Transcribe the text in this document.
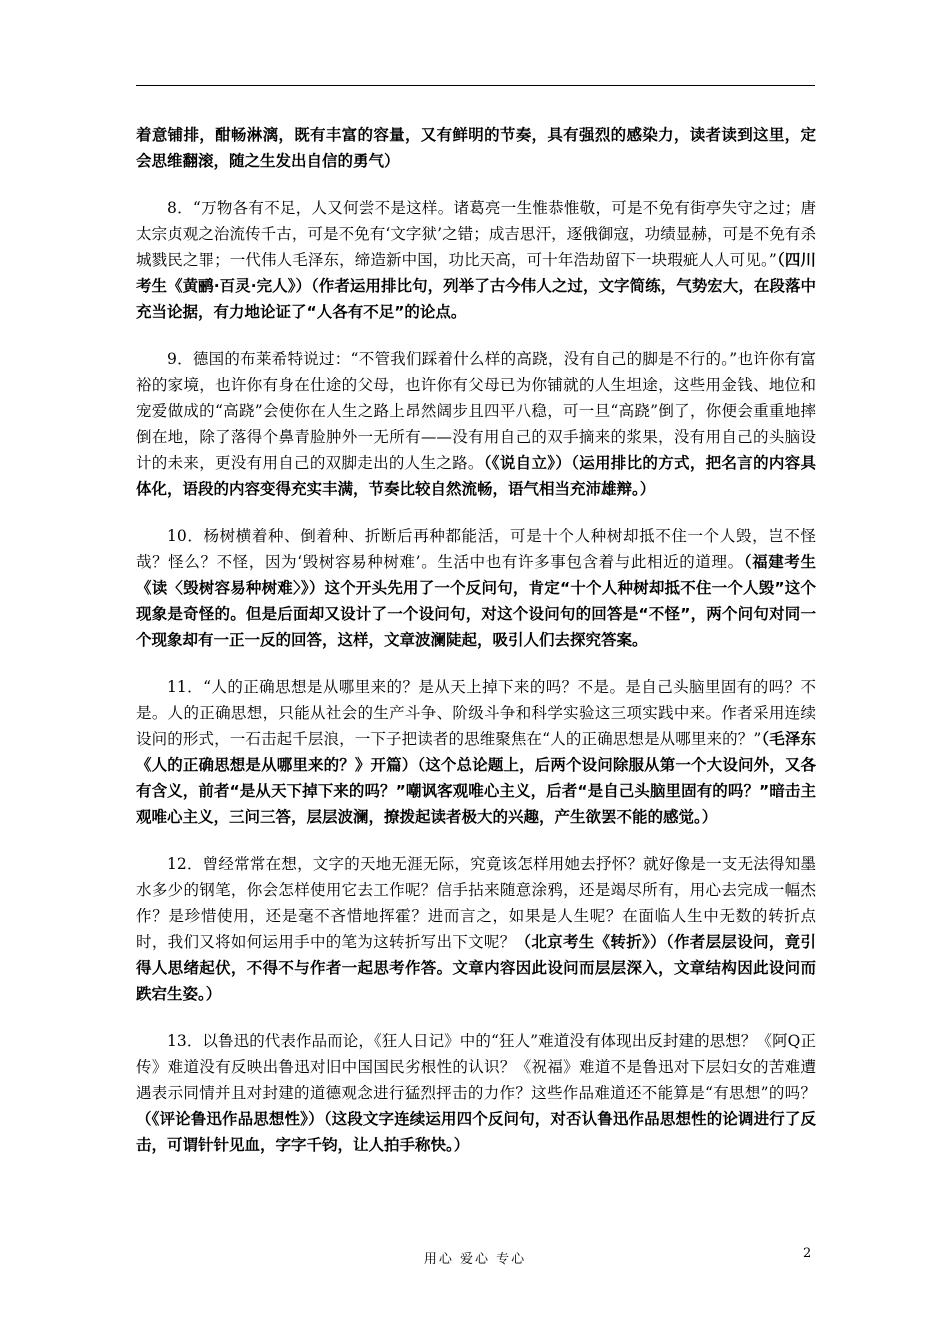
着意铺排，酣畅淋漓，既有丰富的容量，又有鲜明的节奏，具有强烈的感染力，读者读到这里，定会思维翻滚，随之生发出自信的勇气）

8．“万物各有不足，人又何尝不是这样。诸葛亮一生惟恭惟敬，可是不免有街亭失守之过；唐太宗贞观之治流传千古，可是不免有‘文字狱’之错；成吉思汗，逐俄御寇，功绩显赫，可是不免有杀城戮民之罪；一代伟人毛泽东，缔造新中国，功比天高，可十年浩劫留下一块瑕疵人人可见。”（四川考生《黄鹂·百灵·完人》）（作者运用排比句，列举了古今伟人之过，文字简练，气势宏大，在段落中充当论据，有力地论证了“人各有不足”的论点。

9．德国的布莱希特说过：“不管我们踩着什么样的高跷，没有自己的脚是不行的。”也许你有富裕的家境，也许你有身在仕途的父母，也许你有父母已为你铺就的人生坦途，这些用金钱、地位和宠爱做成的“高跷”会使你在人生之路上昂然阔步且四平八稳，可一旦“高跷”倒了，你便会重重地摔倒在地，除了落得个鼻青脸肿外一无所有——没有用自己的双手摘来的浆果，没有用自己的头脑设计的未来，更没有用自己的双脚走出的人生之路。（《说自立》）（运用排比的方式，把名言的内容具体化，语段的内容变得充实丰满，节奏比较自然流畅，语气相当充沛雄辩。）

10．杨树横着种、倒着种、折断后再种都能活，可是十个人种树却抵不住一个人毁，岂不怪哉？怪么？不怪，因为‘毁树容易种树难’。生活中也有许多事包含着与此相近的道理。（福建考生《读〈毁树容易种树难〉》）这个开头先用了一个反问句，肯定“十个人种树却抵不住一个人毁”这个现象是奇怪的。但是后面却又设计了一个设问句，对这个设问句的回答是“不怪”，两个问句对同一个现象却有一正一反的回答，这样，文章波澜陡起，吸引人们去探究答案。

11．“人的正确思想是从哪里来的？是从天上掉下来的吗？不是。是自己头脑里固有的吗？不是。人的正确思想，只能从社会的生产斗争、阶级斗争和科学实验这三项实践中来。作者采用连续设问的形式，一石击起千层浪，一下子把读者的思维聚焦在“人的正确思想是从哪里来的？”（毛泽东《人的正确思想是从哪里来的？》开篇）（这个总论题上，后两个设问除服从第一个大设问外，又各有含义，前者“是从天下掉下来的吗？”嘲讽客观唯心主义，后者“是自己头脑里固有的吗？”暗击主观唯心主义，三问三答，层层波澜，撩拨起读者极大的兴趣，产生欲罢不能的感觉。）

12．曾经常常在想，文字的天地无涯无际，究竟该怎样用她去抒怀？就好像是一支无法得知墨水多少的钢笔，你会怎样使用它去工作呢？信手拈来随意涂鸦，还是竭尽所有，用心去完成一幅杰作？是珍惜使用，还是毫不吝惜地挥霍？进而言之，如果是人生呢？在面临人生中无数的转折点时，我们又将如何运用手中的笔为这转折写出下文呢？（北京考生《转折》）（作者层层设问，竟引得人思绪起伏，不得不与作者一起思考作答。文章内容因此设问而层层深入，文章结构因此设问而跌宕生姿。）

13．以鲁迅的代表作品而论，《狂人日记》中的“狂人”难道没有体现出反封建的思想？《阿Q正传》难道没有反映出鲁迅对旧中国国民劣根性的认识？《祝福》难道不是鲁迅对下层妇女的苦难遭遇表示同情并且对封建的道德观念进行猛烈抨击的力作？这些作品难道还不能算是“有思想”的吗？（《评论鲁迅作品思想性》）（这段文字连续运用四个反问句，对否认鲁迅作品思想性的论调进行了反击，可谓针针见血，字字千钧，让人拍手称快。）

用心 爱心 专心	2
